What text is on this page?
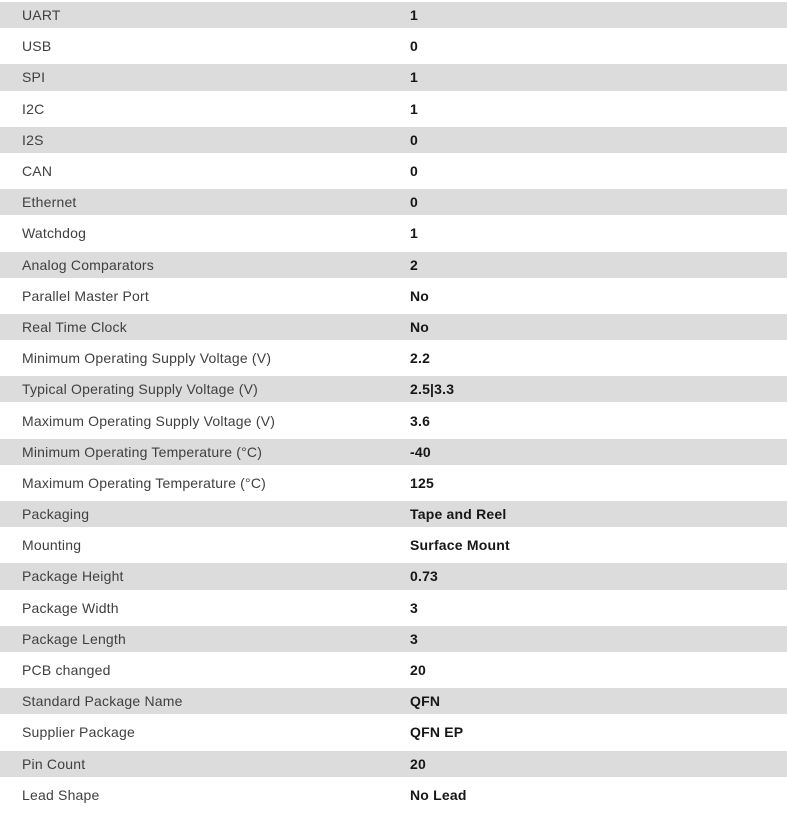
UART	1
USB	0
SPI	1
I2C	1
I2S	0
CAN	0
Ethernet	0
Watchdog	1
Analog Comparators	2
Parallel Master Port	No
Real Time Clock	No
Minimum Operating Supply Voltage (V)	2.2
Typical Operating Supply Voltage (V)	2.5|3.3
Maximum Operating Supply Voltage (V)	3.6
Minimum Operating Temperature (°C)	-40
Maximum Operating Temperature (°C)	125
Packaging	Tape and Reel
Mounting	Surface Mount
Package Height	0.73
Package Width	3
Package Length	3
PCB changed	20
Standard Package Name	QFN
Supplier Package	QFN EP
Pin Count	20
Lead Shape	No Lead
